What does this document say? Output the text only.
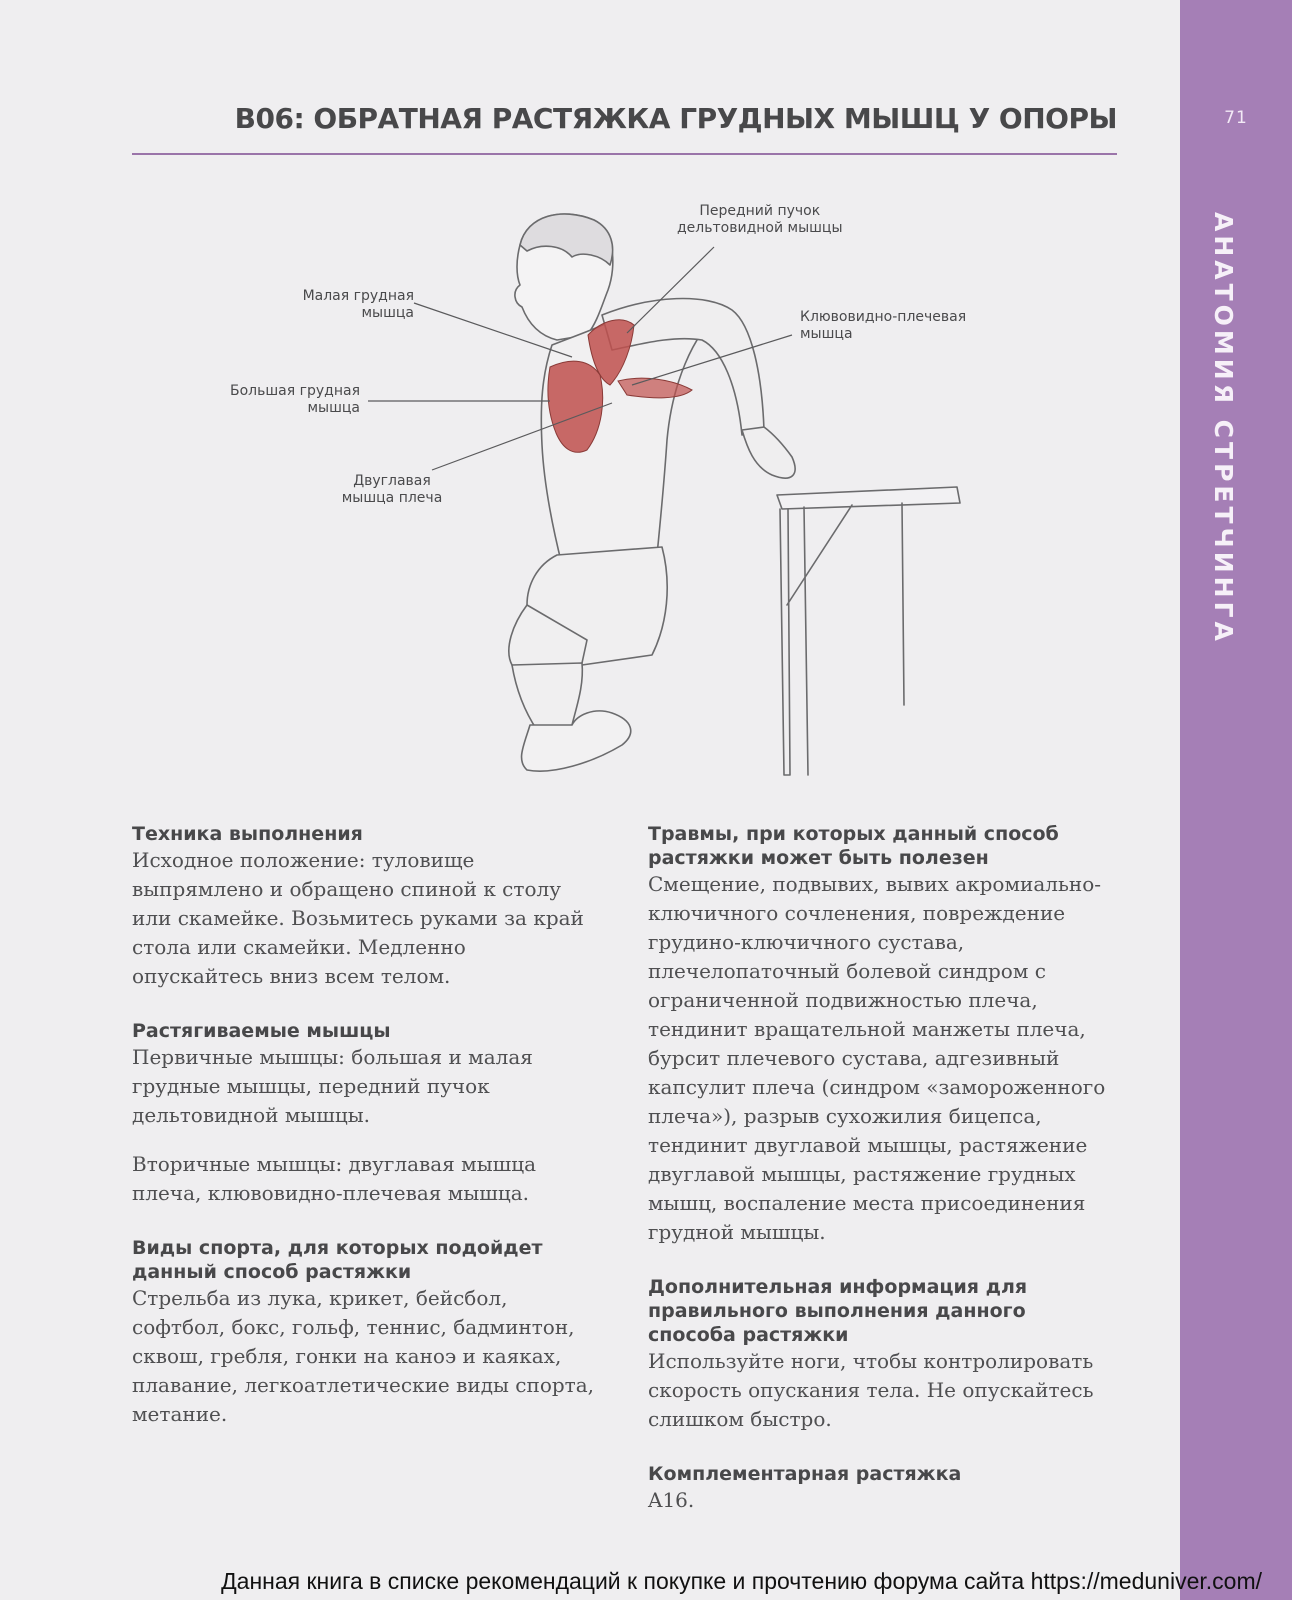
71
АНАТОМИЯ СТРЕТЧИНГА
B06: ОБРАТНАЯ РАСТЯЖКА ГРУДНЫХ МЫШЦ У ОПОРЫ
Передний пучок
дельтовидной мышцы
Малая грудная
мышца	Клювовидно-плечевая
мышца
Большая грудная
мышца
Двуглавая
мышца плеча
Техника выполнения

Исходное положение: туловище выпрямлено и обращено спиной к столу или скамейке. Возьмитесь руками за край стола или скамейки. Медленно опускайтесь вниз всем телом.

Растягиваемые мышцы

Первичные мышцы: большая и малая грудные мышцы, передний пучок дельтовидной мышцы.

Вторичные мышцы: двуглавая мышца плеча, клювовидно-плечевая мышца.

Виды спорта, для которых подойдет данный способ растяжки

Стрельба из лука, крикет, бейсбол, софтбол, бокс, гольф, теннис, бадминтон, сквош, гребля, гонки на каноэ и каяках, плавание, легкоатлетические виды спорта, метание.

Травмы, при которых данный способ растяжки может быть полезен

Смещение, подвывих, вывих акромиально-ключичного сочленения, повреждение грудино-ключичного сустава, плечелопаточный болевой синдром с ограниченной подвижностью плеча, тендинит вращательной манжеты плеча, бурсит плечевого сустава, адгезивный капсулит плеча (синдром «замороженного плеча»), разрыв сухожилия бицепса, тендинит двуглавой мышцы, растяжение двуглавой мышцы, растяжение грудных мышц, воспаление места присоединения грудной мышцы.

Дополнительная информация для правильного выполнения данного способа растяжки

Используйте ноги, чтобы контролировать скорость опускания тела. Не опускайтесь слишком быстро.

Комплементарная растяжка

A16.

Данная книга в списке рекомендаций к покупке и прочтению форума сайта https://meduniver.com/
